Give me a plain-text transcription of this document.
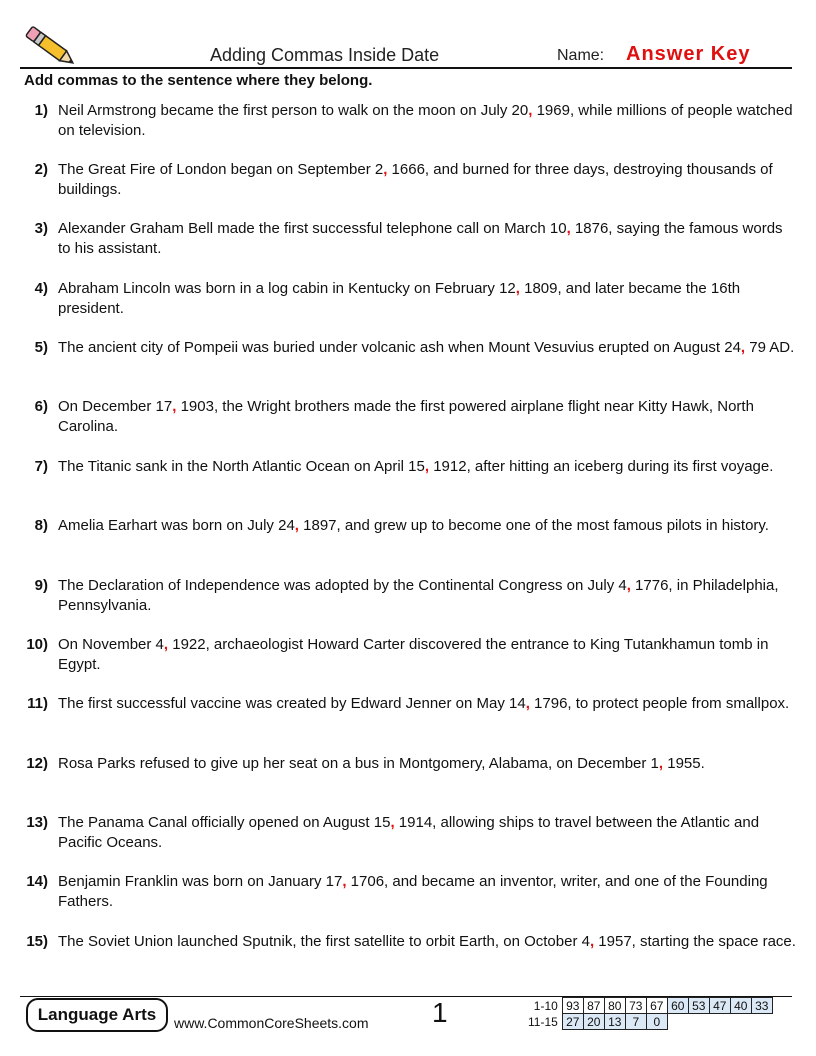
Adding Commas Inside Date	Name: Answer Key
Add commas to the sentence where they belong.
1) Neil Armstrong became the first person to walk on the moon on July 20, 1969, while millions of people watched on television.
2) The Great Fire of London began on September 2, 1666, and burned for three days, destroying thousands of buildings.
3) Alexander Graham Bell made the first successful telephone call on March 10, 1876, saying the famous words to his assistant.
4) Abraham Lincoln was born in a log cabin in Kentucky on February 12, 1809, and later became the 16th president.
5) The ancient city of Pompeii was buried under volcanic ash when Mount Vesuvius erupted on August 24, 79 AD.
6) On December 17, 1903, the Wright brothers made the first powered airplane flight near Kitty Hawk, North Carolina.
7) The Titanic sank in the North Atlantic Ocean on April 15, 1912, after hitting an iceberg during its first voyage.
8) Amelia Earhart was born on July 24, 1897, and grew up to become one of the most famous pilots in history.
9) The Declaration of Independence was adopted by the Continental Congress on July 4, 1776, in Philadelphia, Pennsylvania.
10) On November 4, 1922, archaeologist Howard Carter discovered the entrance to King Tutankhamun tomb in Egypt.
11) The first successful vaccine was created by Edward Jenner on May 14, 1796, to protect people from smallpox.
12) Rosa Parks refused to give up her seat on a bus in Montgomery, Alabama, on December 1, 1955.
13) The Panama Canal officially opened on August 15, 1914, allowing ships to travel between the Atlantic and Pacific Oceans.
14) Benjamin Franklin was born on January 17, 1706, and became an inventor, writer, and one of the Founding Fathers.
15) The Soviet Union launched Sputnik, the first satellite to orbit Earth, on October 4, 1957, starting the space race.
Language Arts	www.CommonCoreSheets.com 1	1-10	93	87	80	73	67	60	53	47	40	33
11-15	27	20	13	7	0					
